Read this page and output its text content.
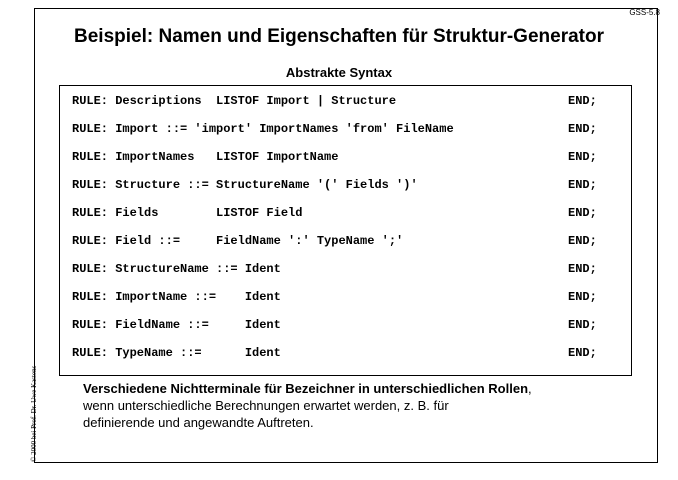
GSS-5.8
Beispiel: Namen und Eigenschaften für Struktur-Generator
Abstrakte Syntax

RULE: Descriptions  LISTOF Import | Structure

	END;

RULE: Import ::= 'import' ImportNames 'from' FileName

	END;

RULE: ImportNames   LISTOF ImportName

	END;

RULE: Structure ::= StructureName '(' Fields ')'

	END;

RULE: Fields        LISTOF Field

	END;

RULE: Field ::=     FieldName ':' TypeName ';'

	END;

RULE: StructureName ::= Ident

	END;

RULE: ImportName ::=    Ident

	END;

RULE: FieldName ::=     Ident

	END;

RULE: TypeName ::=      Ident

	END;

Verschiedene Nichtterminale für Bezeichner in unterschiedlichen Rollen,
wenn unterschiedliche Berechnungen erwartet werden, z. B. für
definierende und angewandte Auftreten.
© 2000 bei Prof. Dr. Uwe Kastens
